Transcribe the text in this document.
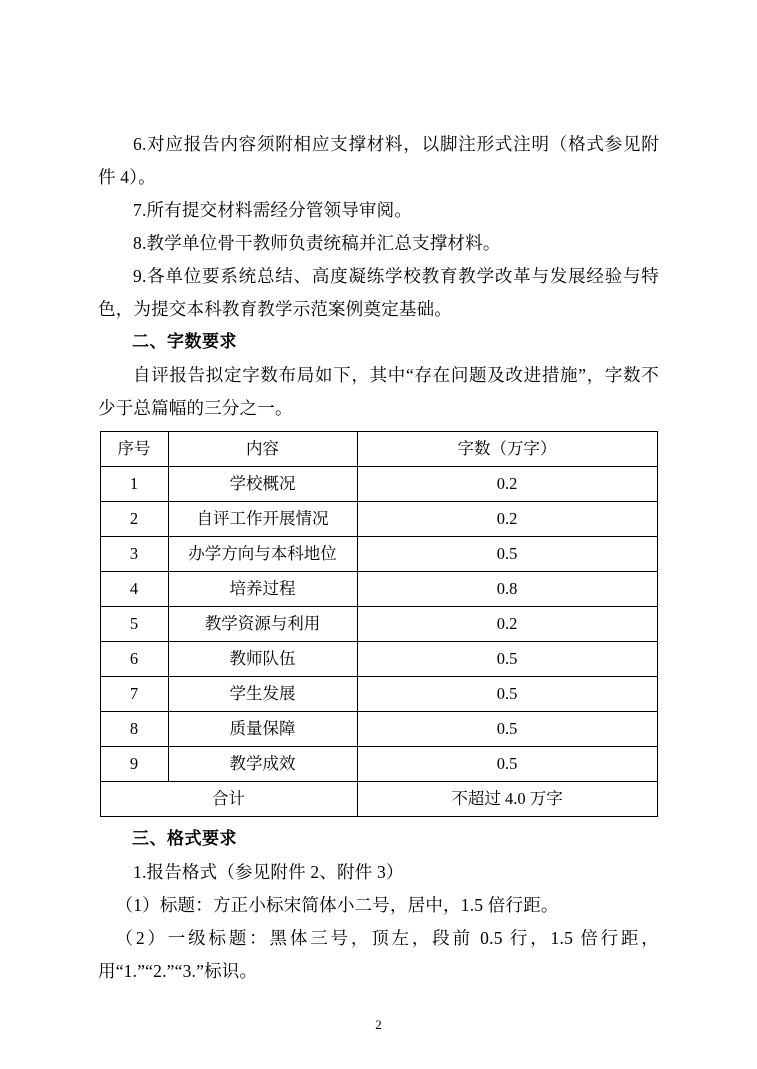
6.对应报告内容须附相应支撑材料，以脚注形式注明（格式参见附件 4）。

7.所有提交材料需经分管领导审阅。

8.教学单位骨干教师负责统稿并汇总支撑材料。

9.各单位要系统总结、高度凝练学校教育教学改革与发展经验与特色，为提交本科教育教学示范案例奠定基础。

二、字数要求

自评报告拟定字数布局如下，其中“存在问题及改进措施”，字数不少于总篇幅的三分之一。

序号	内容	字数（万字）
1	学校概况	0.2
2	自评工作开展情况	0.2
3	办学方向与本科地位	0.5
4	培养过程	0.8
5	教学资源与利用	0.2
6	教师队伍	0.5
7	学生发展	0.5
8	质量保障	0.5
9	教学成效	0.5
合计		不超过 4.0 万字
三、格式要求

1.报告格式（参见附件 2、附件 3）

（1）标题：方正小标宋简体小二号，居中，1.5 倍行距。

（2）一级标题：黑体三号，顶左，段前 0.5 行，1.5 倍行距，用“1.”“2.”“3.”标识。

2
